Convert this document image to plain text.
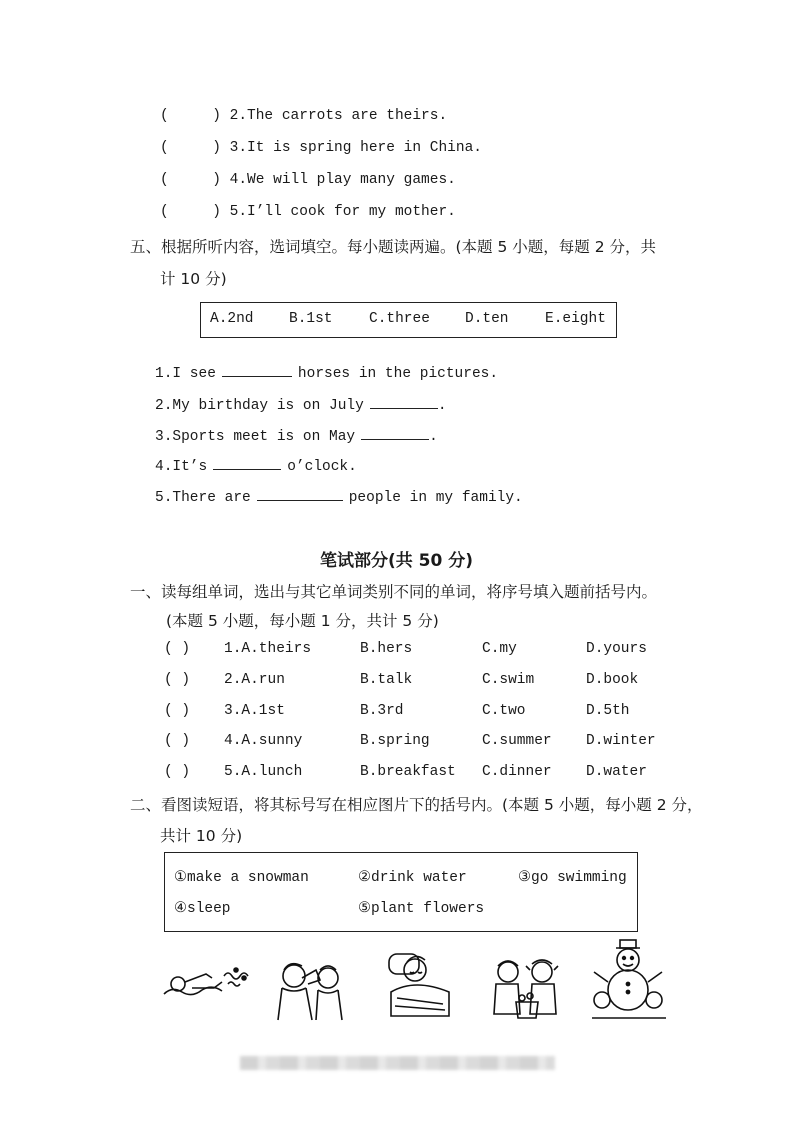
(     ) 2.The carrots are theirs.
(     ) 3.It is spring here in China.
(     ) 4.We will play many games.
(     ) 5.I’ll cook for my mother.
五、根据所听内容，选词填空。每小题读两遍。(本题 5 小题，每题 2 分，共
计 10 分)
A.2nd B.1st	C.three D.ten	E.eight
1.I see	horses in the pictures.
2.My birthday is on July	.
3.Sports meet is on May	.
4.It’s	o’clock.
5.There are	people in my family.
笔试部分(共 50 分)
一、读每组单词，选出与其它单词类别不同的单词，将序号填入题前括号内。
(本题 5 小题，每小题 1 分，共计 5 分)
( ) 1.A.theirs	B.hers	C.my	D.yours
( ) 2.A.run	B.talk	C.swim	D.book
( ) 3.A.1st	B.3rd	C.two	D.5th
( ) 4.A.sunny	B.spring	C.summer D.winter
( ) 5.A.lunch	B.breakfast C.dinner D.water
二、看图读短语，将其标号写在相应图片下的括号内。(本题 5 小题，每小题 2 分，
共计 10 分)
①make a snowman	②drink water	③go swimming
④sleep	⑤plant flowers
